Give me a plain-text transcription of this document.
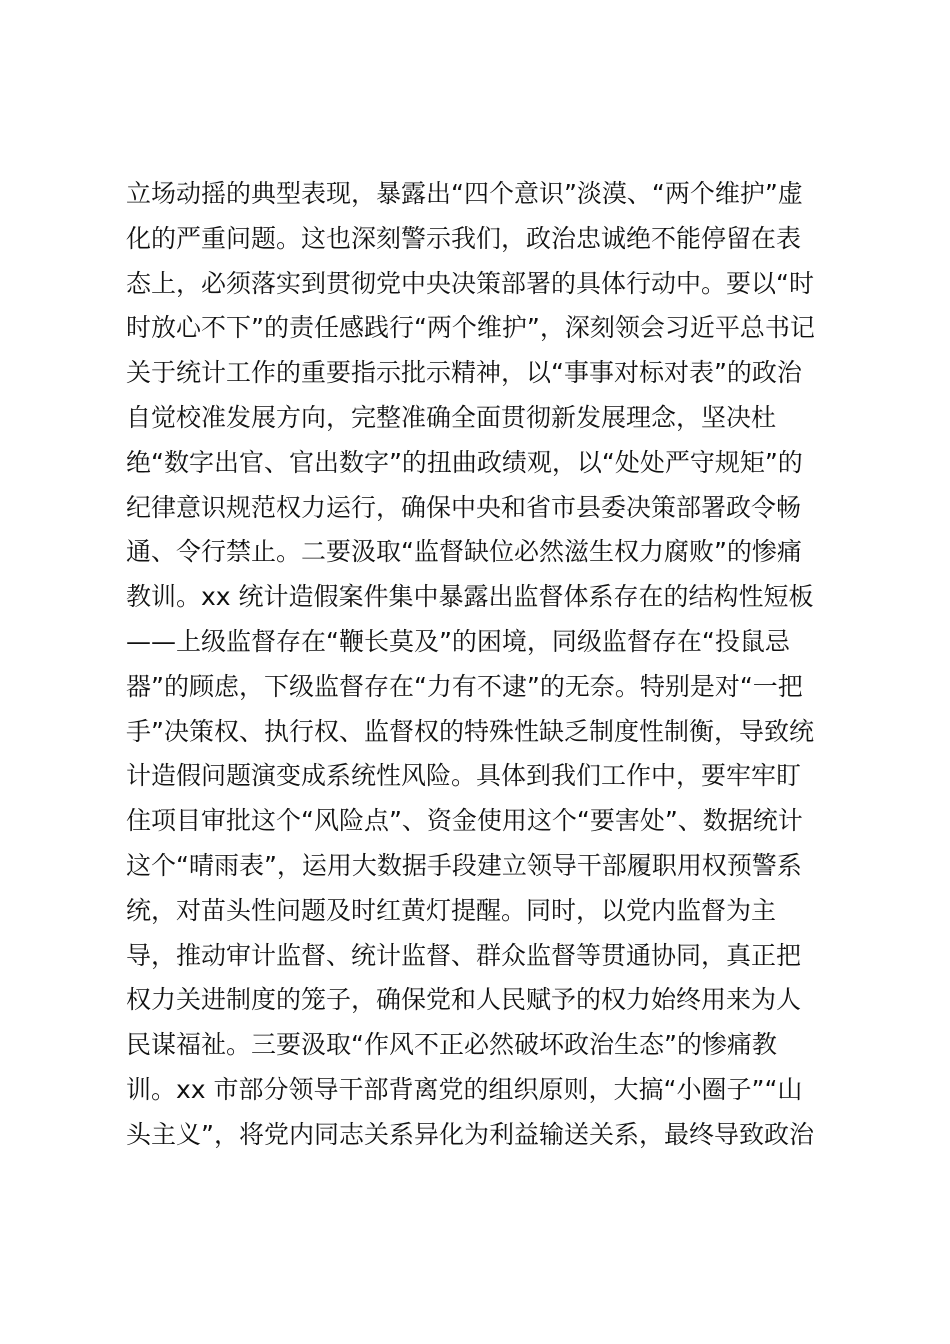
立场动摇的典型表现，暴露出“四个意识”淡漠、“两个维护”虚
化的严重问题。这也深刻警示我们，政治忠诚绝不能停留在表
态上，必须落实到贯彻党中央决策部署的具体行动中。要以“时
时放心不下”的责任感践行“两个维护”，深刻领会习近平总书记
关于统计工作的重要指示批示精神，以“事事对标对表”的政治
自觉校准发展方向，完整准确全面贯彻新发展理念，坚决杜
绝“数字出官、官出数字”的扭曲政绩观，以“处处严守规矩”的
纪律意识规范权力运行，确保中央和省市县委决策部署政令畅
通、令行禁止。二要汲取“监督缺位必然滋生权力腐败”的惨痛
教训。xx 统计造假案件集中暴露出监督体系存在的结构性短板
——上级监督存在“鞭长莫及”的困境，同级监督存在“投鼠忌
器”的顾虑，下级监督存在“力有不逮”的无奈。特别是对“一把
手”决策权、执行权、监督权的特殊性缺乏制度性制衡，导致统
计造假问题演变成系统性风险。具体到我们工作中，要牢牢盯
住项目审批这个“风险点”、资金使用这个“要害处”、数据统计
这个“晴雨表”，运用大数据手段建立领导干部履职用权预警系
统，对苗头性问题及时红黄灯提醒。同时，以党内监督为主
导，推动审计监督、统计监督、群众监督等贯通协同，真正把
权力关进制度的笼子，确保党和人民赋予的权力始终用来为人
民谋福祉。三要汲取“作风不正必然破坏政治生态”的惨痛教
训。xx 市部分领导干部背离党的组织原则，大搞“小圈子”“山
头主义”，将党内同志关系异化为利益输送关系，最终导致政治
